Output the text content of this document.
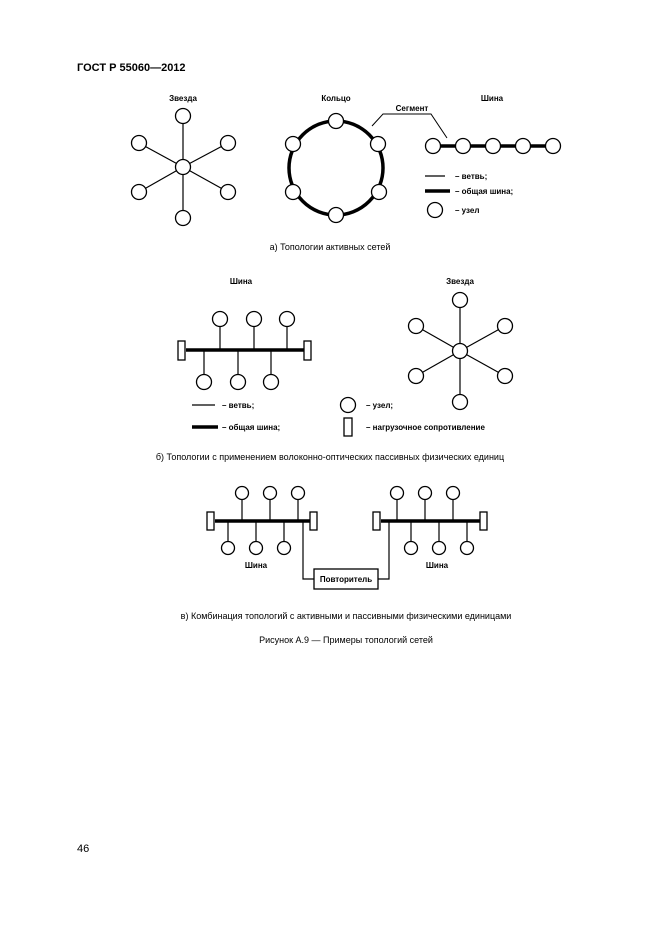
ГОСТ Р 55060—2012
Звезда	Кольцо
Сегмент
Шина
– ветвь;
– общая шина;
– узел
а) Топологии активных сетей
Шина	Звезда
– ветвь;
– общая шина;
– узел;
– нагрузочное сопротивление
б) Топологии с применением волоконно-оптических пассивных физических единиц
Шина	Шина
Повторитель
в) Комбинация топологий с активными и пассивными физическими единицами
Рисунок А.9 — Примеры топологий сетей
46
